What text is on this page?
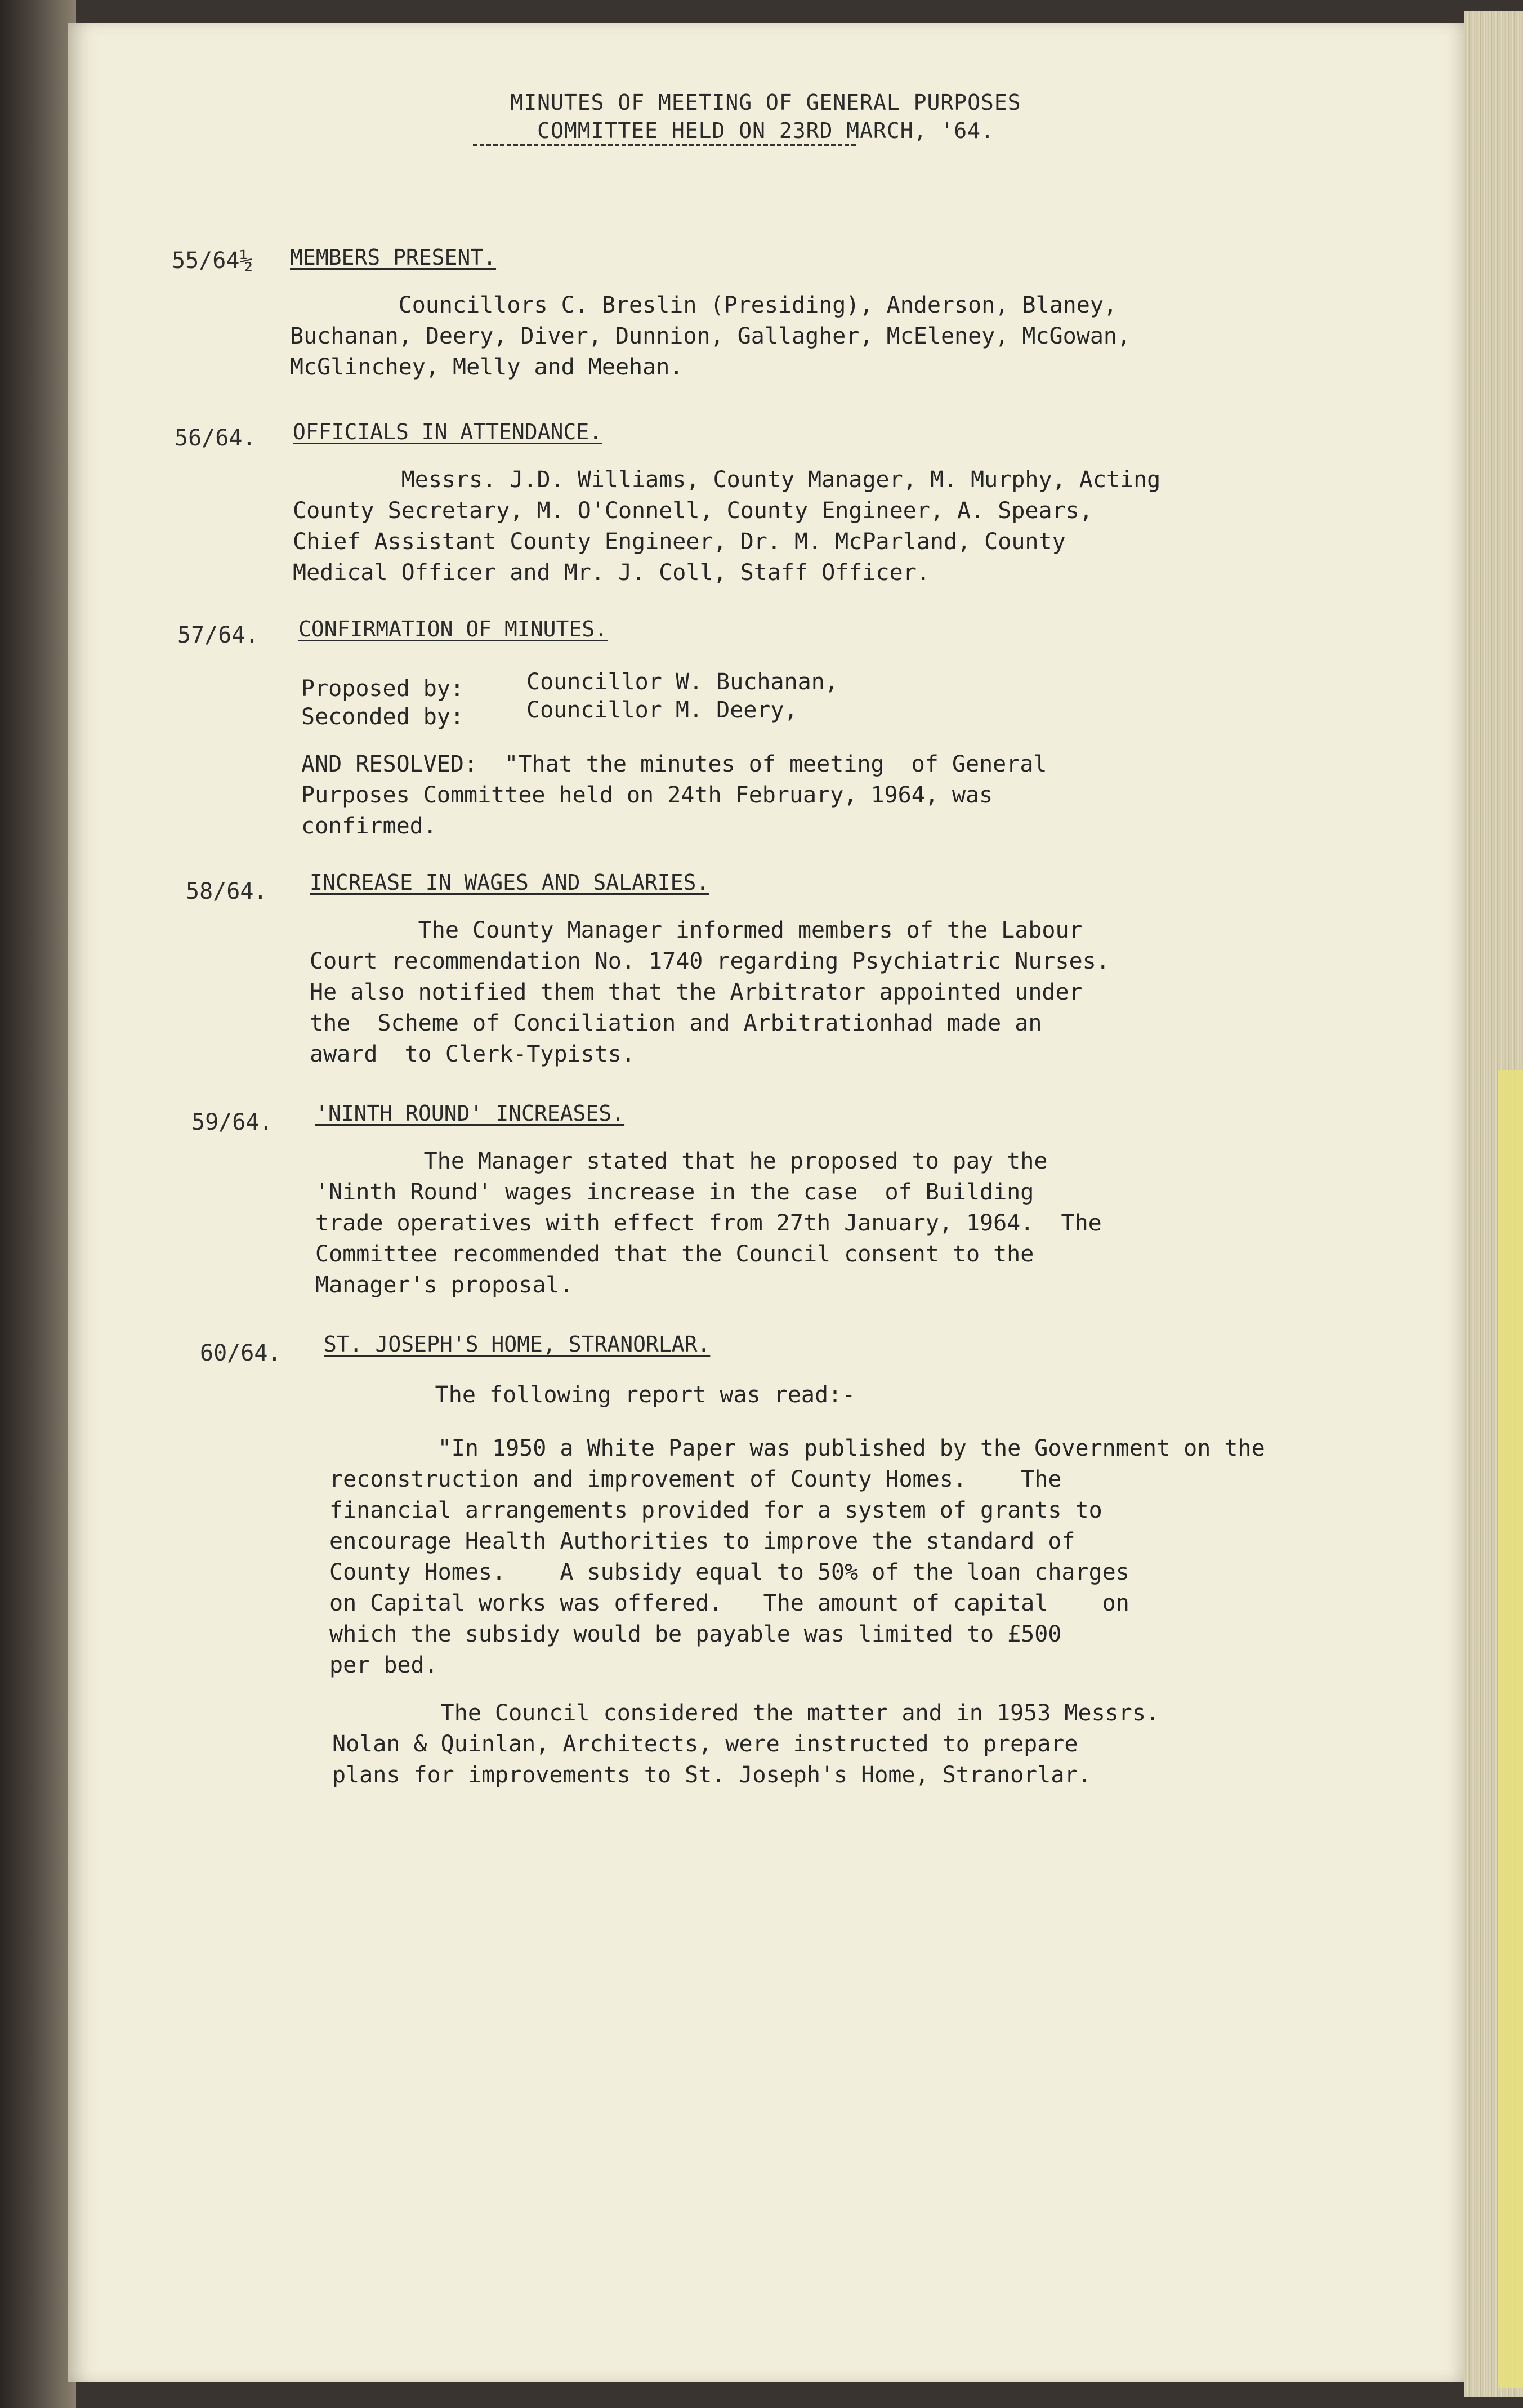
MINUTES OF MEETING OF GENERAL PURPOSES
COMMITTEE HELD ON 23RD MARCH, '64.
55/64½ MEMBERS PRESENT.
Councillors C. Breslin (Presiding), Anderson, Blaney,
Buchanan, Deery, Diver, Dunnion, Gallagher, McEleney, McGowan,
McGlinchey, Melly and Meehan.
56/64. OFFICIALS IN ATTENDANCE.
Messrs. J.D. Williams, County Manager, M. Murphy, Acting
County Secretary, M. O'Connell, County Engineer, A. Spears,
Chief Assistant County Engineer, Dr. M. McParland, County
Medical Officer and Mr. J. Coll, Staff Officer.
57/64. CONFIRMATION OF MINUTES.
Proposed by:	Councillor W. Buchanan,
Seconded by:	Councillor M. Deery,
AND RESOLVED:  "That the minutes of meeting  of General
Purposes Committee held on 24th February, 1964, was
confirmed.
58/64. INCREASE IN WAGES AND SALARIES.
The County Manager informed members of the Labour
Court recommendation No. 1740 regarding Psychiatric Nurses.
He also notified them that the Arbitrator appointed under
the  Scheme of Conciliation and Arbitrationhad made an
award  to Clerk-Typists.
59/64. 'NINTH ROUND' INCREASES.
The Manager stated that he proposed to pay the
'Ninth Round' wages increase in the case  of Building
trade operatives with effect from 27th January, 1964.  The
Committee recommended that the Council consent to the
Manager's proposal.
60/64. ST. JOSEPH'S HOME, STRANORLAR.
The following report was read:-
"In 1950 a White Paper was published by the Government on the
reconstruction and improvement of County Homes.    The
financial arrangements provided for a system of grants to
encourage Health Authorities to improve the standard of
County Homes.    A subsidy equal to 50% of the loan charges
on Capital works was offered.   The amount of capital    on
which the subsidy would be payable was limited to £500
per bed.
The Council considered the matter and in 1953 Messrs.
Nolan & Quinlan, Architects, were instructed to prepare
plans for improvements to St. Joseph's Home, Stranorlar.
